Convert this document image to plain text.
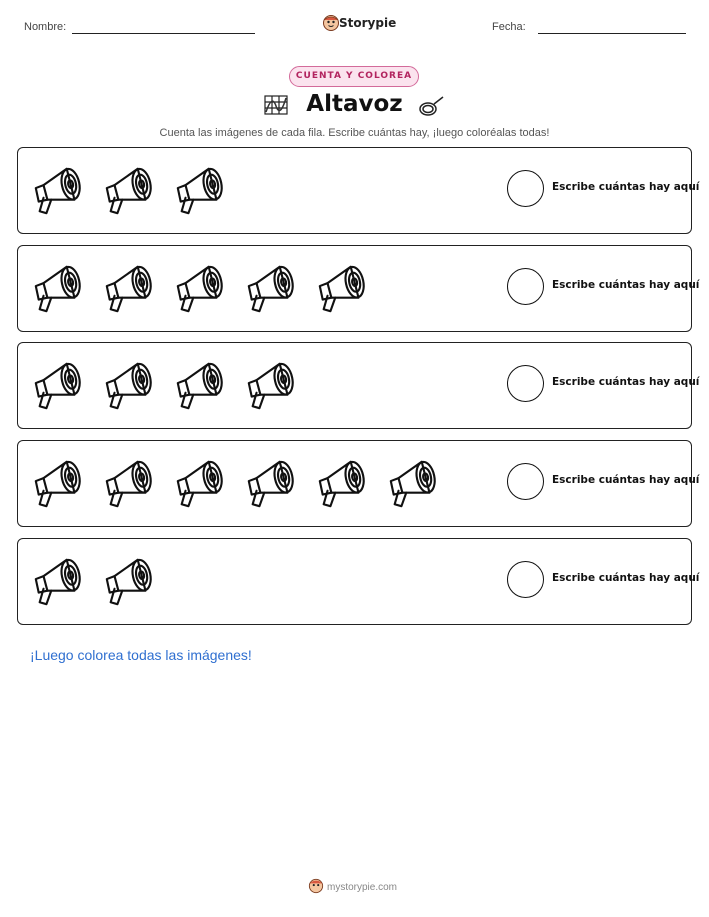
Nombre:	Storypie	Fecha:
CUENTA Y COLOREA
Altavoz
Cuenta las imágenes de cada fila. Escribe cuántas hay, ¡luego coloréalas todas!
Escribe cuántas hay aquí
Escribe cuántas hay aquí
Escribe cuántas hay aquí
Escribe cuántas hay aquí
Escribe cuántas hay aquí
¡Luego colorea todas las imágenes!
mystorypie.com
